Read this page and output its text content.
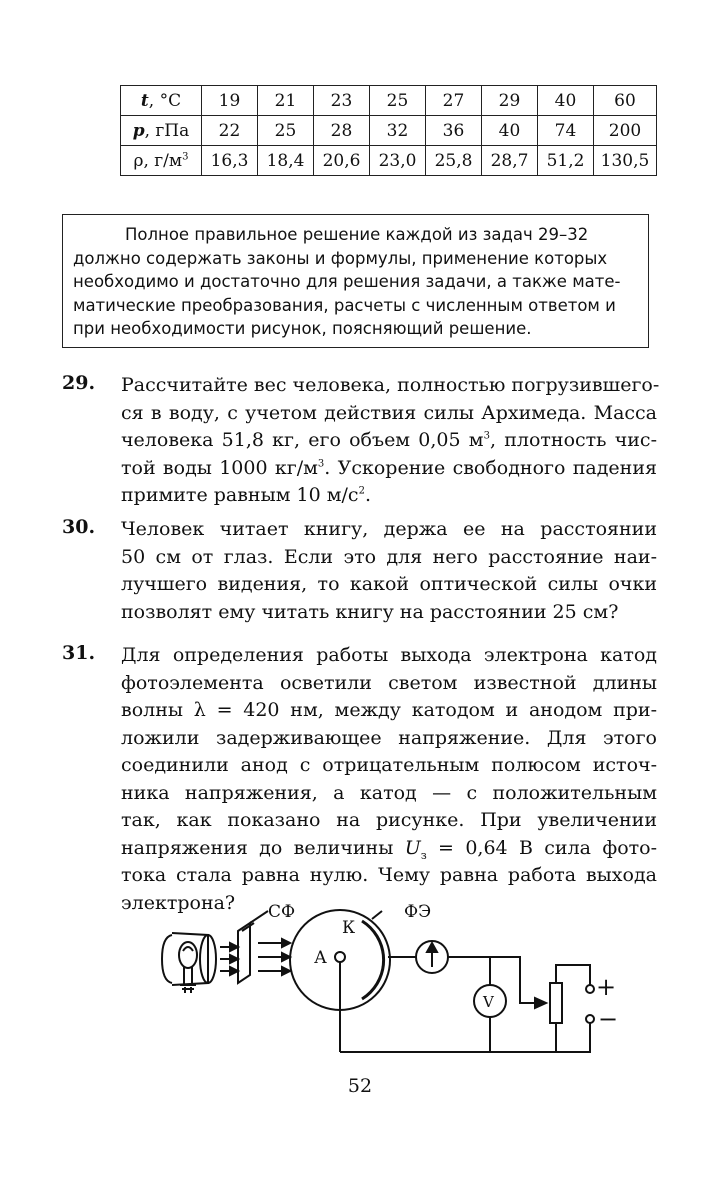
t, °C	19	21	23	25	27	29	40	60
p, гПа	22	25	28	32	36	40	74	200
ρ, $г/м^3$	16,3	18,4	20,6	23,0	25,8	28,7	51,2	130,5
Полное правильное решение каждой из задач 29–32
должно содержать законы и формулы, применение которых
необходимо и достаточно для решения задачи, а также мате-
матические преобразования, расчеты с численным ответом и
при необходимости рисунок, поясняющий решение.
29. Рассчитайте вес человека, полностью погрузившего-
ся в воду, с учетом действия силы Архимеда. Масса
человека 51,8 кг, его объем 0,05 $м^3$, плотность чис-
той воды 1000 $кг/м^3$. Ускорение свободного падения
примите равным 10 $м/с^2$.
30. Человек читает книгу, держа ее на расстоянии
50 см от глаз. Если это для него расстояние наи-
лучшего видения, то какой оптической силы очки
позволят ему читать книгу на расстоянии 25 см?
31. Для определения работы выхода электрона катод
фотоэлемента осветили светом известной длины
волны λ = 420 нм, между катодом и анодом при-
ложили задерживающее напряжение. Для этого
соединили анод с отрицательным полюсом источ-
ника напряжения, а катод — с положительным
так, как показано на рисунке. При увеличении
напряжения до величины $U_з = 0,64$ В сила фото-
тока стала равна нулю. Чему равна работа выхода
электрона?	СФ	ФЭ
К
А
V
+
−
52
